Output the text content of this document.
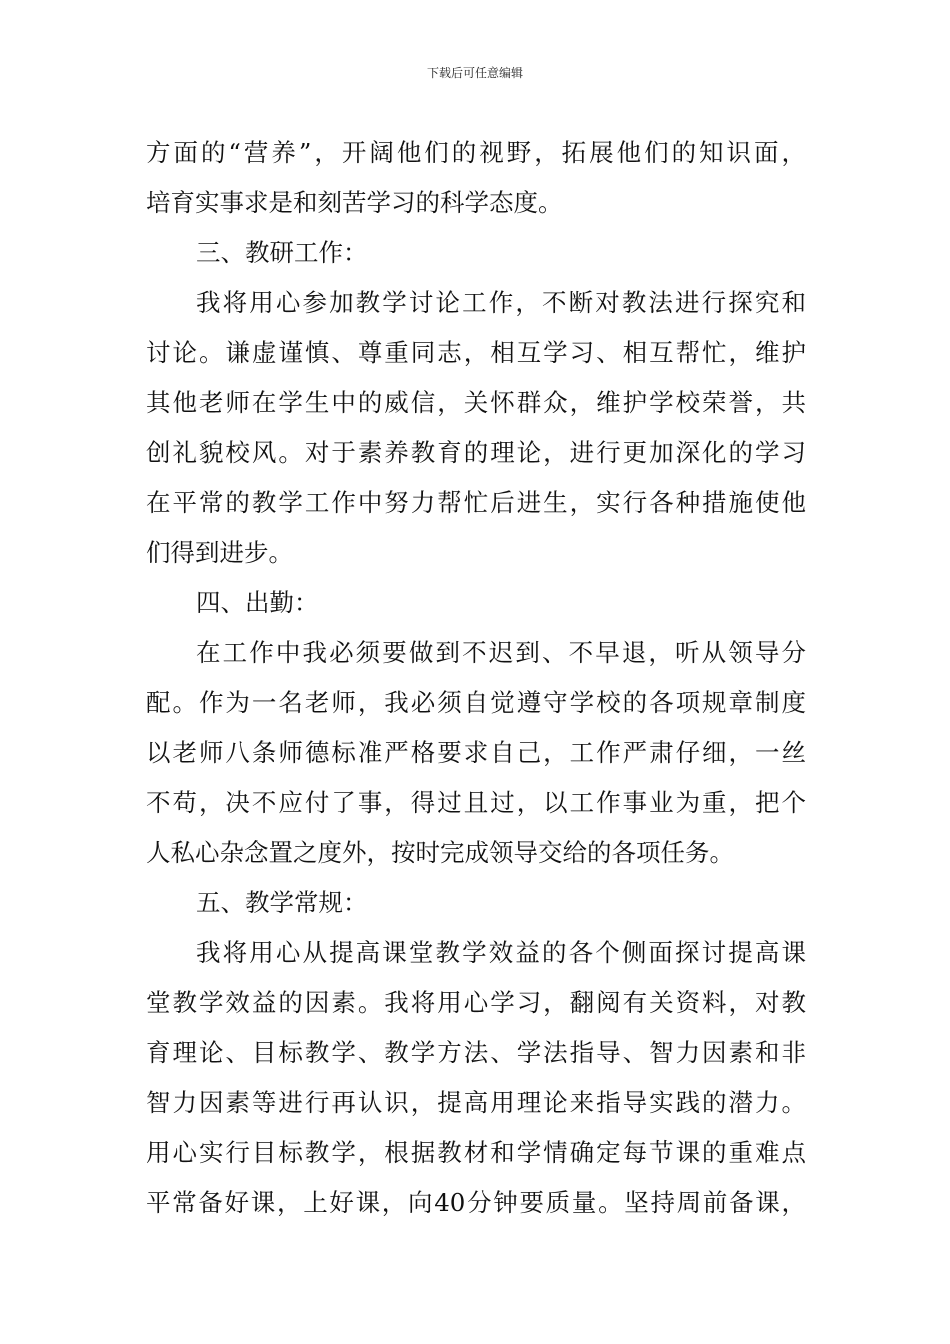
下载后可任意编辑
方面的“营养”，开阔他们的视野，拓展他们的知识面，
培育实事求是和刻苦学习的科学态度。
三、教研工作：
我将用心参加教学讨论工作，不断对教法进行探究和
讨论。谦虚谨慎、尊重同志，相互学习、相互帮忙，维护
其他老师在学生中的威信，关怀群众，维护学校荣誉，共
创礼貌校风。对于素养教育的理论，进行更加深化的学习
在平常的教学工作中努力帮忙后进生，实行各种措施使他
们得到进步。
四、出勤：
在工作中我必须要做到不迟到、不早退，听从领导分
配。作为一名老师，我必须自觉遵守学校的各项规章制度
以老师八条师德标准严格要求自己，工作严肃仔细，一丝
不苟，决不应付了事，得过且过，以工作事业为重，把个
人私心杂念置之度外，按时完成领导交给的各项任务。
五、教学常规：
我将用心从提高课堂教学效益的各个侧面探讨提高课
堂教学效益的因素。我将用心学习，翻阅有关资料，对教
育理论、目标教学、教学方法、学法指导、智力因素和非
智力因素等进行再认识，提高用理论来指导实践的潜力。
用心实行目标教学，根据教材和学情确定每节课的重难点
平常备好课，上好课，向40分钟要质量。坚持周前备课，
